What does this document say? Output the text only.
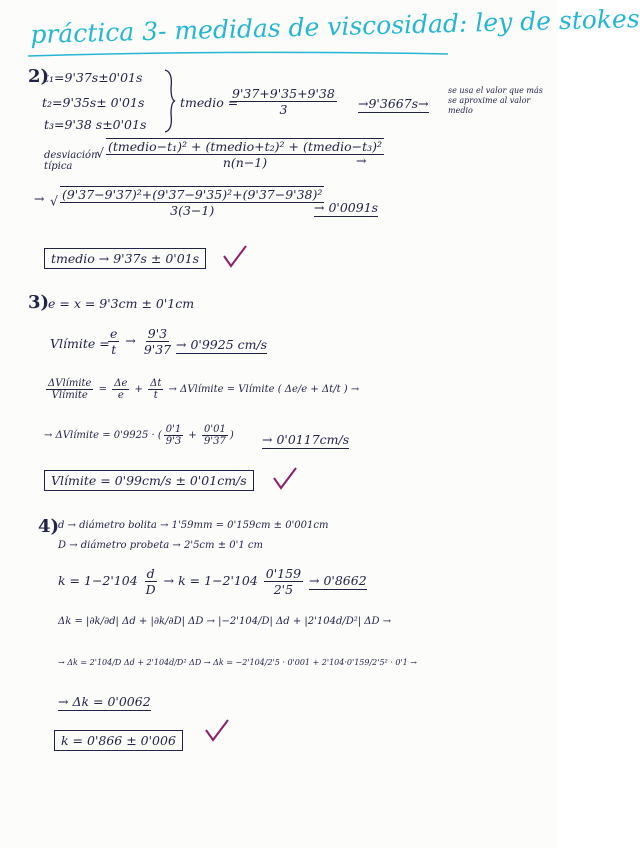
práctica 3- medidas de viscosidad: ley de stokes
2)
t₁=9'37s±0'01s
t₂=9'35s± 0'01s
t₃=9'38 s±0'01s
tmedio =
$\frac{9'37+9'35+9'38}{3} \to 9'3667s\to$
se usa el valor que más se aproxime al valor medio
desviación típica
√ $\frac{\text{(tmedio−t₁)² + (tmedio+t₂)² + (tmedio−t₃)²}}{n(n-1)}$
→
→ √ $\frac{\text{(9'37−9'37)²+(9'37−9'35)²+(9'37−9'38)²}}{3(3-1)}$
→ 0'0091s
tmedio → 9'37s ± 0'01s
3)
e = x = 9'3cm ± 0'1cm
Vlímite =
$\frac{e}{t} \to \frac{9'3}{9'37} \to 0'9925$ cm/s
$\frac{\text{ΔVlímite}}{\text{Vlímite}} = \frac{\Delta e}{e} + \frac{\Delta t}{t}$ → ΔVlímite = Vlímite ( Δe/e + Δt/t ) →
→ ΔVlímite = 0'9925 · ( $\frac{0'1}{9'3} + \frac{0'01}{9'37}$ ) → 0'0117cm/s
Vlímite = 0'99cm/s ± 0'01cm/s
4)
d → diámetro bolita → 1'59mm = 0'159cm ± 0'001cm
D → diámetro probeta → 2'5cm ± 0'1 cm
$k = 1-2'104 \frac{d}{D} \to k = 1-2'104 \frac{0'159}{2'5} \to 0'8662$
Δk = |∂k/∂d| Δd + |∂k/∂D| ΔD → |−2'104/D| Δd + |2'104d/D²| ΔD →
→ Δk = 2'104/D Δd + 2'104d/D² ΔD → Δk = −2'104/2'5 · 0'001 + 2'104·0'159/2'5² · 0'1 →
→ Δk = 0'0062
k = 0'866 ± 0'006
